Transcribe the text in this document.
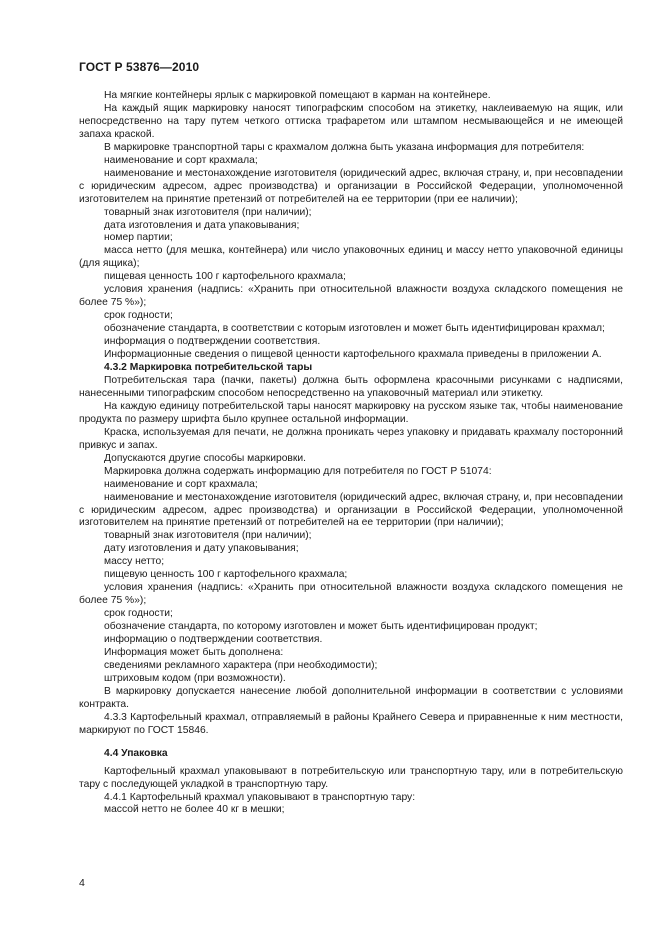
ГОСТ Р 53876—2010

На мягкие контейнеры ярлык с маркировкой помещают в карман на контейнере.

На каждый ящик маркировку наносят типографским способом на этикетку, наклеиваемую на ящик, или непосредственно на тару путем четкого оттиска трафаретом или штампом несмывающейся и не имеющей запаха краской.

В маркировке транспортной тары с крахмалом должна быть указана информация для потребителя:

наименование и сорт крахмала;

наименование и местонахождение изготовителя (юридический адрес, включая страну, и, при несовпадении с юридическим адресом, адрес производства) и организации в Российской Федерации, уполномоченной изготовителем на принятие претензий от потребителей на ее территории (при ее наличии);

товарный знак изготовителя (при наличии);

дата изготовления и дата упаковывания;

номер партии;

масса нетто (для мешка, контейнера) или число упаковочных единиц и массу нетто упаковочной единицы (для ящика);

пищевая ценность 100 г картофельного крахмала;

условия хранения (надпись: «Хранить при относительной влажности воздуха складского помещения не более 75 %»);

срок годности;

обозначение стандарта, в соответствии с которым изготовлен и может быть идентифицирован крахмал;

информация о подтверждении соответствия.

Информационные сведения о пищевой ценности картофельного крахмала приведены в приложении А.

4.3.2 Маркировка потребительской тары

Потребительская тара (пачки, пакеты) должна быть оформлена красочными рисунками с надписями, нанесенными типографским способом непосредственно на упаковочный материал или этикетку.

На каждую единицу потребительской тары наносят маркировку на русском языке так, чтобы наименование продукта по размеру шрифта было крупнее остальной информации.

Краска, используемая для печати, не должна проникать через упаковку и придавать крахмалу посторонний привкус и запах.

Допускаются другие способы маркировки.

Маркировка должна содержать информацию для потребителя по ГОСТ Р 51074:

наименование и сорт крахмала;

наименование и местонахождение изготовителя (юридический адрес, включая страну, и, при несовпадении с юридическим адресом, адрес производства) и организации в Российской Федерации, уполномоченной изготовителем на принятие претензий от потребителей на ее территории (при наличии);

товарный знак изготовителя (при наличии);

дату изготовления и дату упаковывания;

массу нетто;

пищевую ценность 100 г картофельного крахмала;

условия хранения (надпись: «Хранить при относительной влажности воздуха складского помещения не более 75 %»);

срок годности;

обозначение стандарта, по которому изготовлен и может быть идентифицирован продукт;

информацию о подтверждении соответствия.

Информация может быть дополнена:

сведениями рекламного характера (при необходимости);

штриховым кодом (при возможности).

В маркировку допускается нанесение любой дополнительной информации в соответствии с условиями контракта.

4.3.3 Картофельный крахмал, отправляемый в районы Крайнего Севера и приравненные к ним местности, маркируют по ГОСТ 15846.

4.4 Упаковка

Картофельный крахмал упаковывают в потребительскую или транспортную тару, или в потребительскую тару с последующей укладкой в транспортную тару.

4.4.1 Картофельный крахмал упаковывают в транспортную тару:

массой нетто не более 40 кг в мешки;

4
